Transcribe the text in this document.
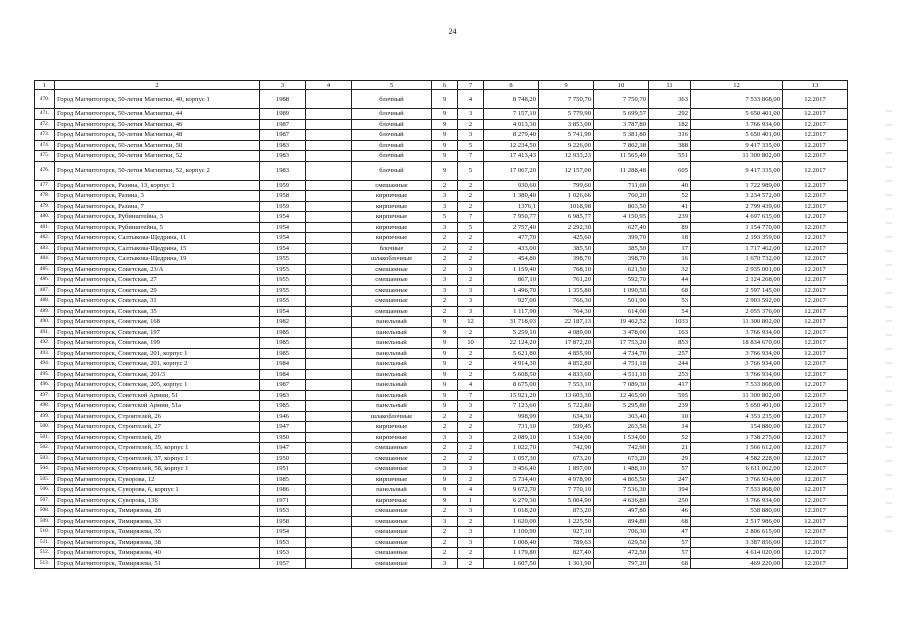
24
1	2	3	4	5	6	7	8	9	10	11	12	13
470.	Город Магнитогорск, 50-летия Магнитки, 40, корпус 1	1988		блочный	9	4	8 748,20	7 750,70	7 750,70	363	7 533 868,00	12.2017
471.	Город Магнитогорск, 50-летия Магнитки, 44	1989		блочный	9	3	7 157,10	5 779,90	5 699,57	292	5 650 401,00	12.2017
472.	Город Магнитогорск, 50-летия Магнитки, 46	1987		блочный	9	2	4 013,30	3 853,00	3 787,80	182	3 766 934,00	12.2017
473.	Город Магнитогорск, 50-летия Магнитки, 48	1987		блочный	9	3	8 279,40	5 741,90	5 381,80	316	5 650 401,00	12.2017
474.	Город Магнитогорск, 50-летия Магнитки, 50	1983		блочный	9	5	12 234,50	9 226,00	7 862,38	388	9 417 335,00	12.2017
475.	Город Магнитогорск, 50-летия Магнитки, 52	1983		блочный	9	7	17 413,43	12 933,23	11 565,49	551	11 300 802,00	12.2017
476.	Город Магнитогорск, 50-летия Магнитки, 52, корпус 2	1983		блочный	9	5	17 067,20	12 157,00	11 288,48	605	9 417 335,00	12.2017
477.	Город Магнитогорск, Разина, 13, корпус 1	1959		смешанные	2	2	930,60	799,60	711,60	40	1 722 989,00	12.2017
478.	Город Магнитогорск, Разина, 3	1958		кирпичные	3	2	1 380,40	1 026,66	760,20	52	3 234 572,00	12.2017
479.	Город Магнитогорск, Разина, 7	1959		кирпичные	3	2	1376,1	1018,98	803,50	41	2 799 439,00	12.2017
480.	Город Магнитогорск, Рубинштейна, 3	1954		кирпичные	5	7	7 950,77	6 985,77	4 150,95	239	4 697 635,00	12.2017
481.	Город Магнитогорск, Рубинштейна, 5	1954		кирпичные	3	5	2 757,40	2 292,30	627,40	89	1 154 770,00	12.2017
482.	Город Магнитогорск, Салтыкова-Щедрина, 11	1954		кирпичные	2	2	477,70	425,60	399,70	18	2 193 359,00	12.2017
483.	Город Магнитогорск, Салтыкова-Щедрина, 15	1954		блочные	2	2	433,00	385,50	385,50	17	1 717 462,00	12.2017
484.	Город Магнитогорск, Салтыкова-Щедрина, 19	1955		шлакоблочные	2	2	454,80	398,70	398,70	16	1 670 732,00	12.2017
485.	Город Магнитогорск, Советская, 23/А	1955		смешанные	2	3	1 159,40	768,10	621,50	32	2 935 001,00	12.2017
486.	Город Магнитогорск, Советская, 27	1955		смешанные	3	2	867,10	761,20	592,70	44	2 124 268,00	12.2017
487.	Город Магнитогорск, Советская, 29	1955		смешанные	3	3	1 496,70	1 355,80	1 090,50	68	2 597 145,00	12.2017
488.	Город Магнитогорск, Советская, 31	1955		смешанные	2	3	927,00	766,30	501,90	53	2 903 592,00	12.2017
489.	Город Магнитогорск, Советская, 35	1954		смешанные	2	3	1 117,90	764,30	614,00	54	2 055 376,00	12.2017
490.	Город Магнитогорск, Советская, 168	1982		панельный	9	12	31 718,03	22 187,13	19 462,52	1033	11 300 802,00	12.2017
491.	Город Магнитогорск, Советская, 197	1985		панельный	9	2	5 259,10	4 089,00	3 478,00	163	3 766 934,00	12.2017
492.	Город Магнитогорск, Советская, 199	1985		панельный	9	10	22 124,20	17 872,20	17 753,20	853	18 834 670,00	12.2017
493.	Город Магнитогорск, Советская, 201, корпус 1	1985		панельный	9	2	5 621,80	4 855,90	4 734,70	257	3 766 934,00	12.2017
494.	Город Магнитогорск, Советская, 201, корпус 2	1984		панельный	9	2	4 914,30	4 852,80	4 751,18	244	3 766 934,00	12.2017
495.	Город Магнитогорск, Советская, 201/3	1984		панельный	9	2	5 608,50	4 833,60	4 511,10	253	3 766 934,00	12.2017
496.	Город Магнитогорск, Советская, 205, корпус 1	1987		панельный	9	4	8 675,00	7 553,10	7 089,30	417	7 533 868,00	12.2017
497.	Город Магнитогорск, Советской Армии, 51	1983		панельный	9	7	15 921,20	13 603,30	12 465,90	595	11 300 802,00	12.2017
498.	Город Магнитогорск, Советской Армии, 51а	1985		панельный	9	3	7 123,60	5 722,80	5 295,80	239	5 650 401,00	12.2017
499.	Город Магнитогорск, Строителей, 26	1946		шлакоблочные	2	2	998,99	634,30	303,40	10	4 353 235,00	12.2017
500.	Город Магнитогорск, Строителей, 27	1947		кирпичные	2	2	731,10	599,45	263,50	14	154 880,00	12.2017
501.	Город Магнитогорск, Строителей, 29	1950		кирпичные	3	3	2 089,10	1 534,00	1 534,00	52	1 738 275,00	12.2017
502.	Город Магнитогорск, Строителей, 35, корпус 1	1947		смешанные	2	2	1 022,70	742,90	742,90	21	1 566 612,00	12.2017
503.	Город Магнитогорск, Строителей, 37, корпус 1	1950		смешанные	2	2	1 057,30	673,20	673,20	29	4 582 228,00	12.2017
504.	Город Магнитогорск, Строителей, 58, корпус 1	1951		смешанные	3	3	3 456,40	1 897,00	1 488,10	57	6 611 062,00	12.2017
505.	Город Магнитогорск, Суворова, 12	1985		кирпичные	9	2	5 734,40	4 978,90	4 865,50	247	3 766 934,00	12.2017
506.	Город Магнитогорск, Суворова, 6, корпус 1	1986		панельный	9	4	9 672,70	7 770,10	7 536,30	394	7 533 868,00	12.2017
507.	Город Магнитогорск, Суворова, 136	1971		кирпичные	9	1	6 279,30	5 004,90	4 636,80	250	3 766 934,00	12.2017
508.	Город Магнитогорск, Тимирязева, 28	1953		смешанные	2	3	1 018,20	873,20	497,80	46	538 880,00	12.2017
509.	Город Магнитогорск, Тимирязева, 33	1958		смешанные	3	2	1 620,00	1 225,50	894,80	68	2 517 986,00	12.2017
510.	Город Магнитогорск, Тимирязева, 35	1954		смешанные	2	3	1 100,90	927,10	706,30	47	2 806 615,00	12.2017
511.	Город Магнитогорск, Тимирязева, 38	1953		смешанные	2	3	1 008,40	789,63	629,50	57	3 387 856,00	12.2017
512.	Город Магнитогорск, Тимирязева, 40	1953		смешанные	2	2	1 179,80	827,40	472,50	57	4 614 020,00	12.2017
513.	Город Магнитогорск, Тимирязева, 51	1957		смешанные	3	2	1 607,50	1 361,90	797,20	68	469 220,00	12.2017
